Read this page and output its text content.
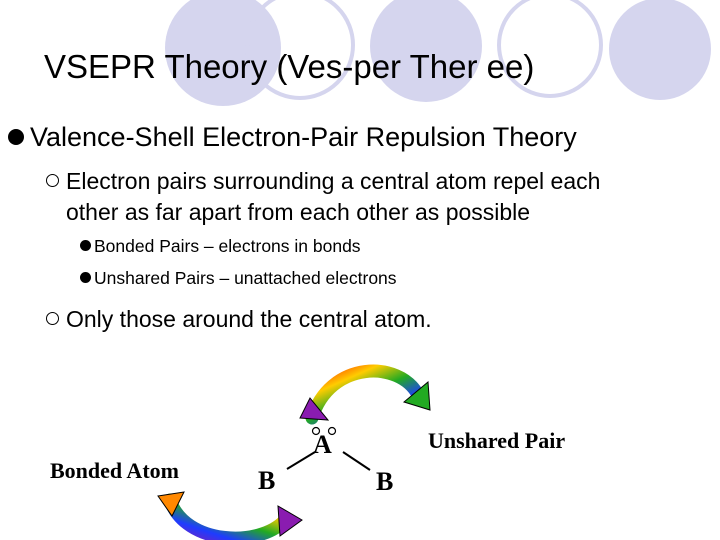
VSEPR Theory (Ves-per Ther ee)
Valence-Shell Electron-Pair Repulsion Theory
Electron pairs surrounding a central atom repel each
other as far apart from each other as possible
Bonded Pairs – electrons in bonds
Unshared Pairs – unattached electrons
Only those around the central atom.
A
B	B
Bonded Atom
Unshared Pair
